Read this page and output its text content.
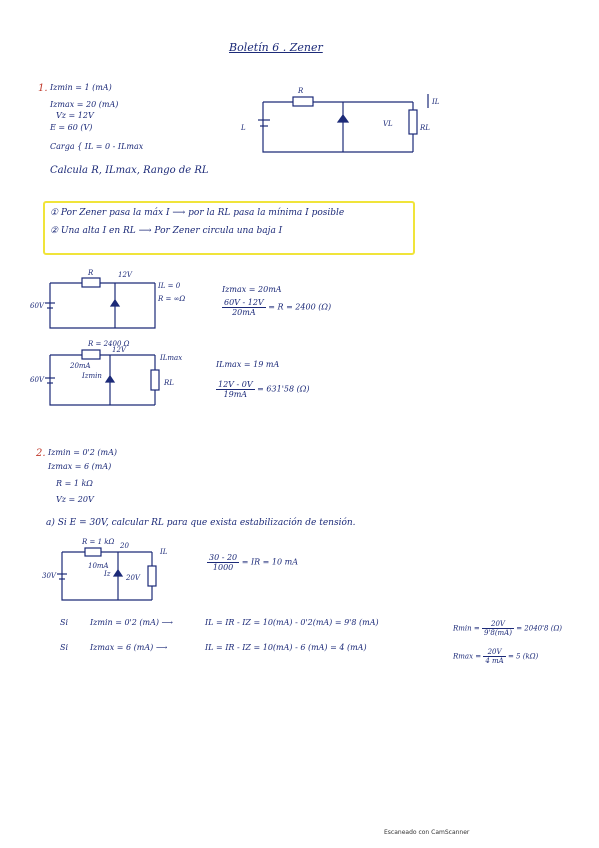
Boletín 6 . Zener
1. Izmin = 1 (mA)
Izmax = 20 (mA)
Vz = 12V
E = 60 (V)
Carga { IL = 0 - ILmax
Calcula R, ILmax, Rango de RL
R
L	VL	RL
IL
① Por Zener pasa la máx I ⟶ por la RL pasa la mínima I posible
② Una alta I en RL ⟶ Por Zener circula una baja I
R	12V
IL = 0
R = ∞Ω
60V
Izmax = 20mA
$\frac{60V - 12V}{20mA} = R = 2400$ (Ω)
R = 2400 Ω
12V
20mA
Izmin
ILmax
RL
60V
ILmax = 19 mA
$\frac{12V - 0V}{19mA} = 631'58$ (Ω)
2. Izmin = 0'2 (mA)
Izmax = 6 (mA)
R = 1 kΩ
Vz = 20V
a) Si E = 30V, calcular RL para que exista estabilización de tensión.
R = 1 kΩ 20
10mA
Iz 20V
30V
IL
$\frac{30 - 20}{1000}$ = IR = 10 mA
Si	Izmin = 0'2 (mA) ⟶	IL = IR - IZ = 10(mA) - 0'2(mA) = 9'8 (mA)
Si	Izmax = 6 (mA) ⟶	IL = IR - IZ = 10(mA) - 6 (mA) = 4 (mA)
$Rmin = \frac{20V}{9'8(mA)} = 2040'8$ (Ω)
$Rmax = \frac{20V}{4 mA} = 5$ (kΩ)
Escaneado con CamScanner
